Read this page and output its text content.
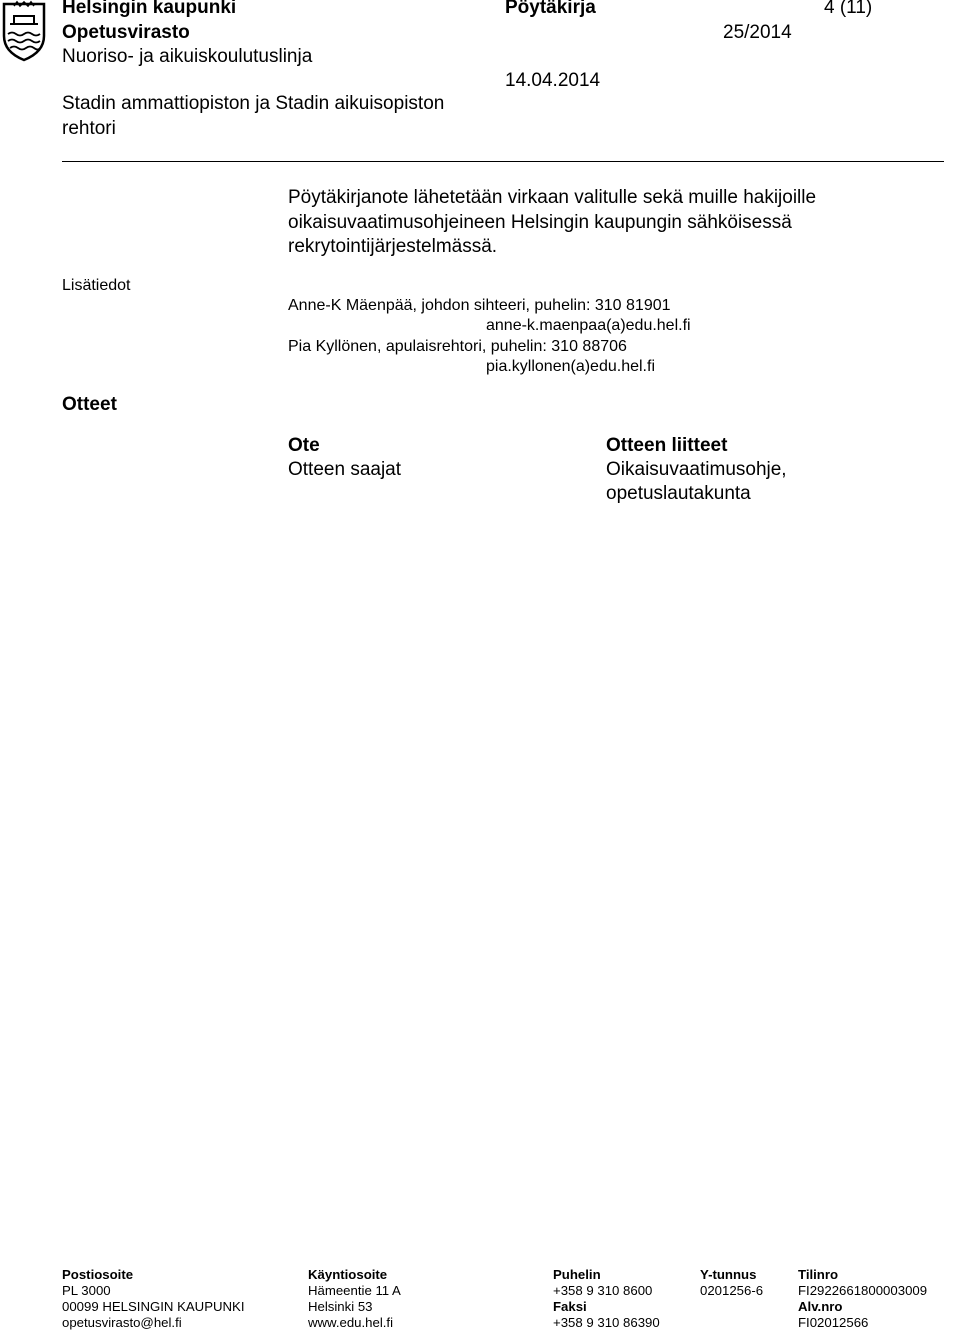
Helsingin kaupunki
Opetusvirasto
Nuoriso- ja aikuiskoulutuslinja
Stadin ammattiopiston ja Stadin aikuisopiston
rehtori
Pöytäkirja
25/2014
14.04.2014
4 (11)
Pöytäkirjanote lähetetään virkaan valitulle sekä muille hakijoille
oikaisuvaatimusohjeineen Helsingin kaupungin sähköisessä
rekrytointijärjestelmässä.
Lisätiedot
Anne-K Mäenpää, johdon sihteeri, puhelin: 310 81901
anne-k.maenpaa(a)edu.hel.fi
Pia Kyllönen, apulaisrehtori, puhelin: 310 88706
pia.kyllonen(a)edu.hel.fi
Otteet
Ote
Otteen saajat
Otteen liitteet
Oikaisuvaatimusohje,
opetuslautakunta
Postiosoite
PL 3000
00099 HELSINGIN KAUPUNKI
opetusvirasto@hel.fi
Käyntiosoite
Hämeentie 11 A
Helsinki 53
www.edu.hel.fi
Puhelin
+358 9 310 8600
Faksi
+358 9 310 86390
Y-tunnus
0201256-6
Tilinro
FI2922661800003009
Alv.nro
FI02012566
